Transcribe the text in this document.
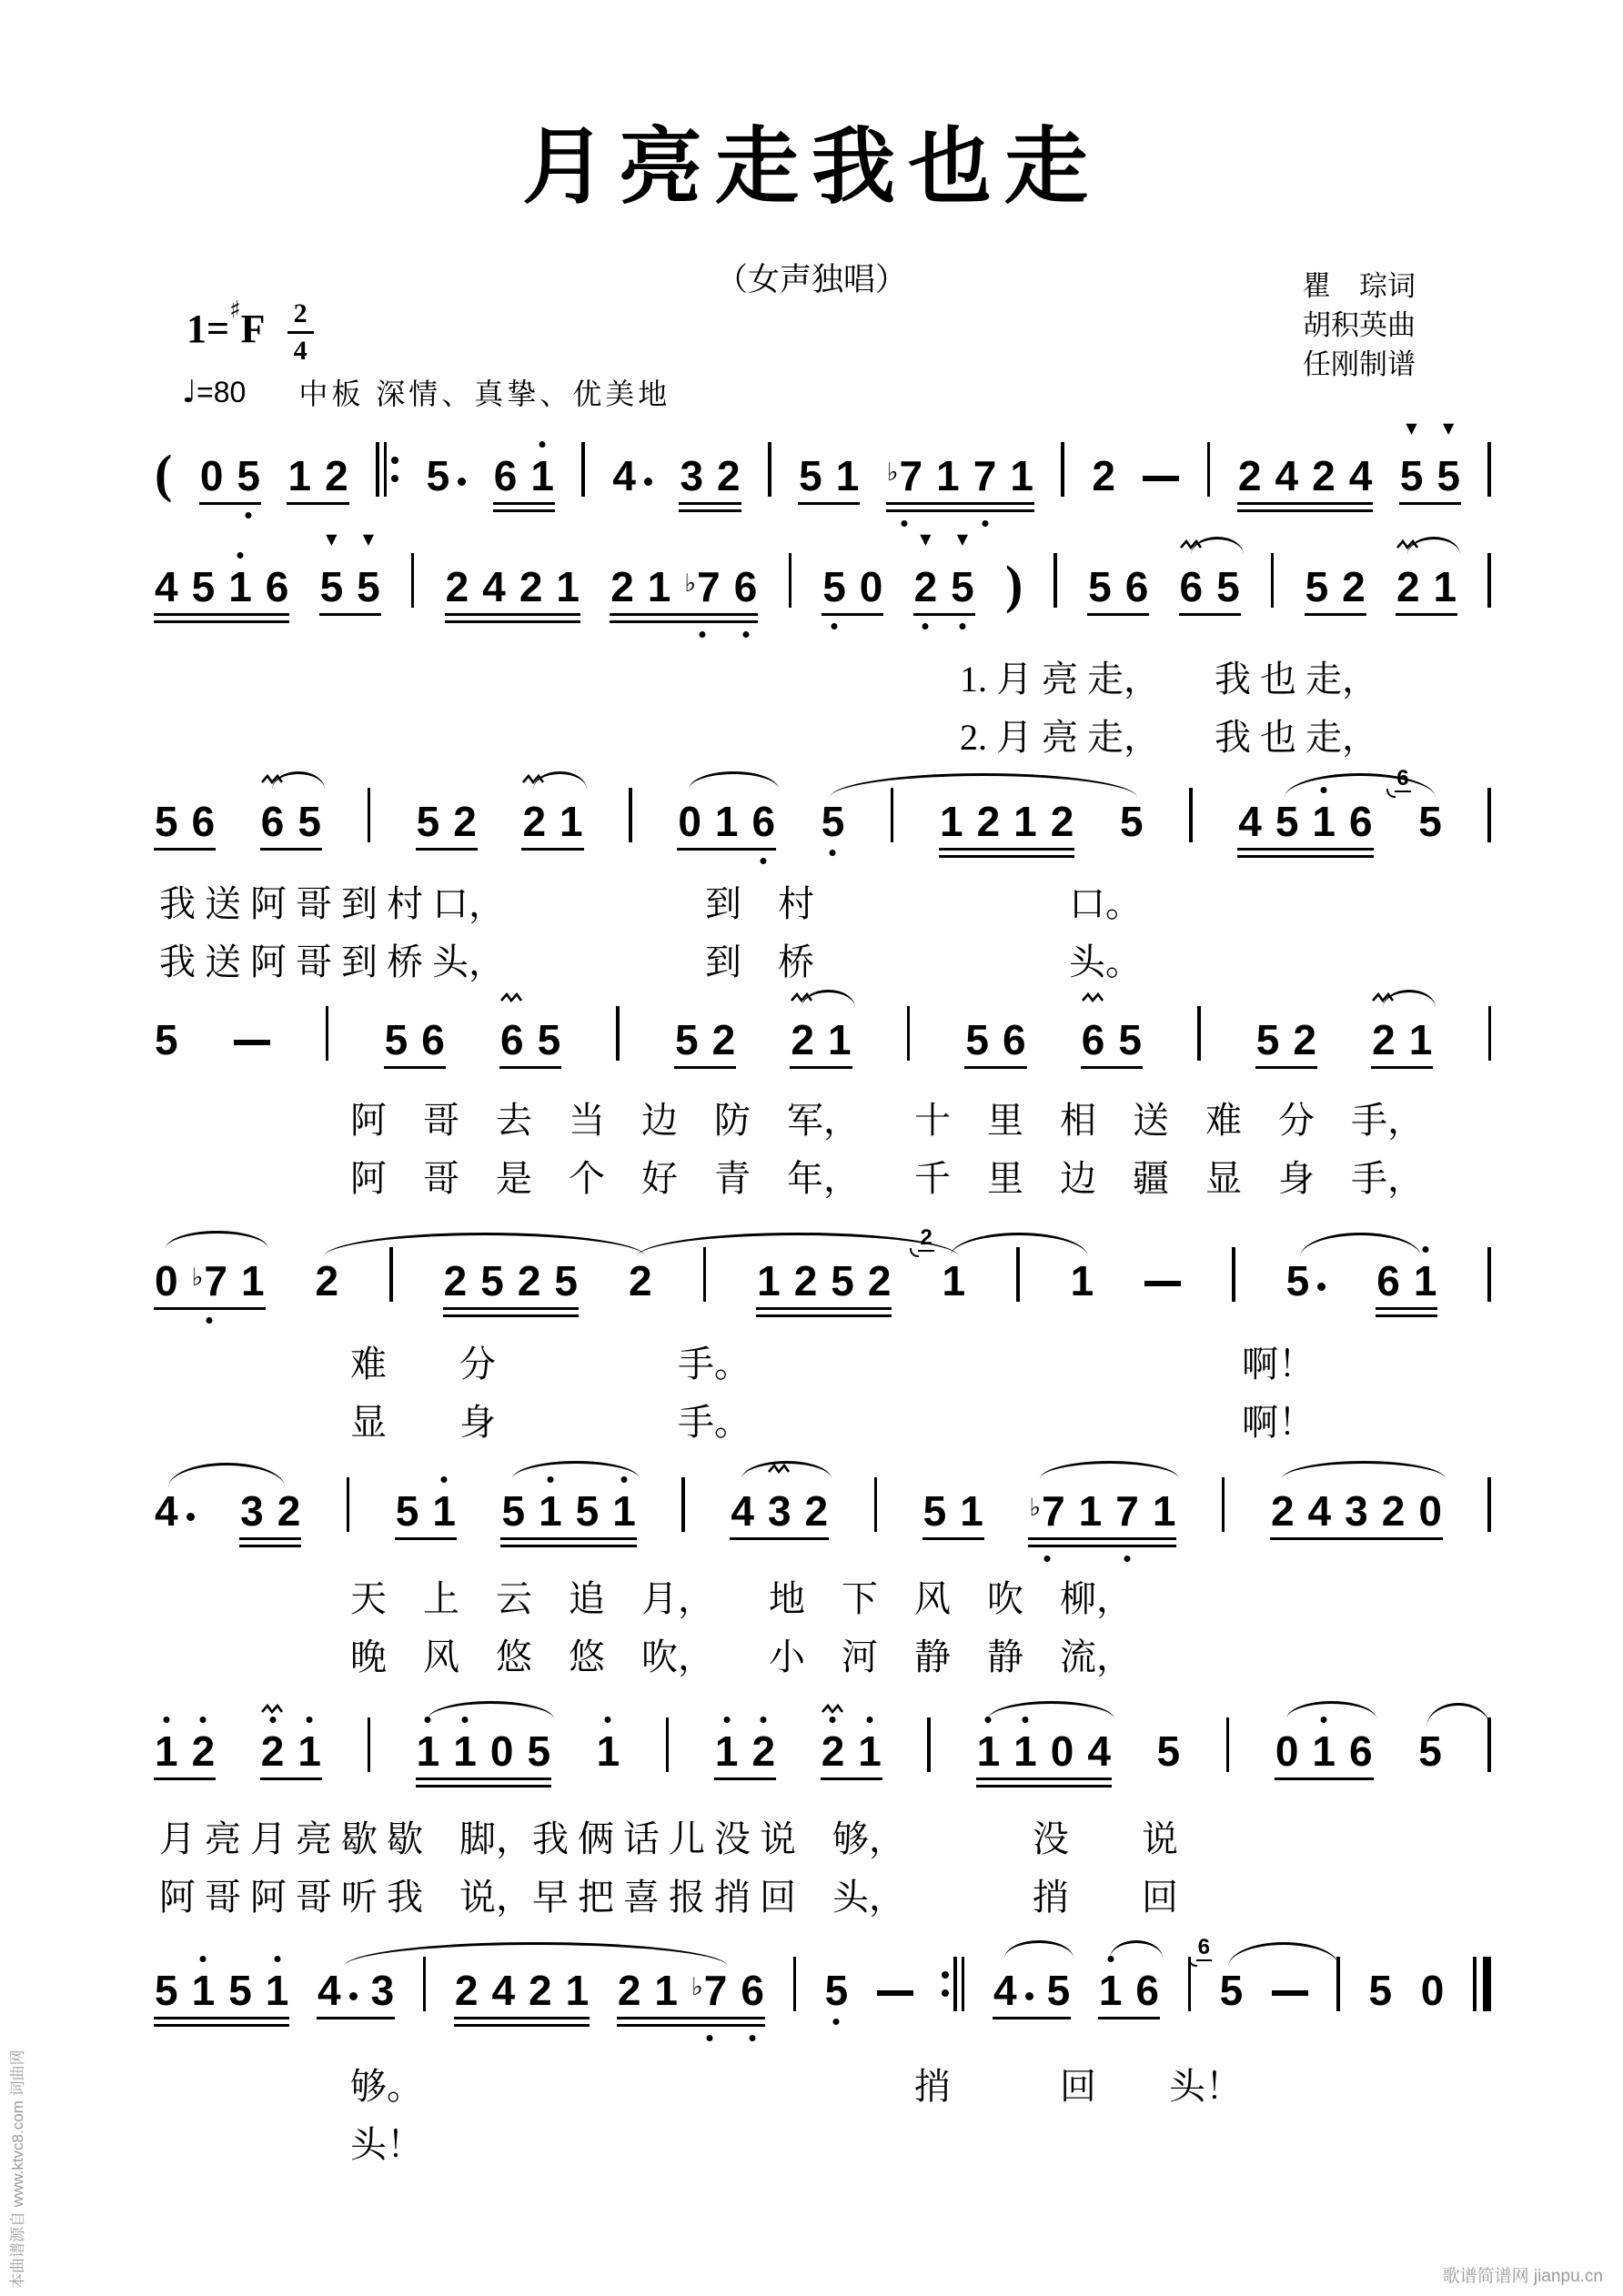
月亮走我也走
（女声独唱）	瞿　琮词
胡积英曲
任刚制谱
1= ♯ F $\frac{2}{4}$
♩ =80 中板 深情、真挚、优美地
( 0 5 1 2 5	6 1 4	3 2 5 1 ♭7 1 7 1 2	2 4 2 4 5
▼
5
▼
4 5 1 6 5
▼
5
▼
2 4 2 1 2 1 ♭7 6 5 0 2
▼
5
▼
) 5 6 6 5 5 2 2 1
1. 月 亮 走，　　我 也 走，
2. 月 亮 走，　　我 也 走，
5 6 6 5 5 2 2 1 0 1 6 5 1 2 1 2 5 4 5 1 6 5
6
我 送 阿 哥 到 村 口，　　　　　　到　村　　　　　　　口。
我 送 阿 哥 到 桥 头，　　　　　　到　桥　　　　　　　头。
5	5 6 6 5	5 2 2 1	5 6 6 5	5 2 2 1
阿　哥　去　当　边　防　军，　　十　里　相　送　难　分　手，
阿　哥　是　个　好　青　年，　　千　里　边　疆　显　身　手，
0 ♭7 1 2	2 5 2 5 2	1 2 5 2 1
2
1	5	6 1
难　　分　　　　　手。　　　　　　　　　　　　　　啊！
显　　身　　　　　手。　　　　　　　　　　　　　　啊！
4	3 2 5 1 5 1 5 1 4 3 2 5 1 ♭7 1 7 1 2 4 3 2 0
天　上　云　追　月，　　地　下　风　吹　柳，
晚　风　悠　悠　吹，　　小　河　静　静　流，
1 2 2 1 1 1 0 5 1 1 2 2 1 1 1 0 4 5 0 1 6 5
月 亮 月 亮 歇 歇　脚，我 俩 话 儿 没 说　够，　　　　没　　说
阿 哥 阿 哥 听 我　说，早 把 喜 报 捎 回　头，　　　　捎　　回
5 1 5 1 4 3 2 4 2 1 2 1 ♭7 6 5	4 5 1 6 5
6
5 0
够。　　　　　　　　　　　　　　捎　　　回　　头！
头！
本曲谱源自 www.ktvc8.com 词曲网	歌谱简谱网 jianpu.cn
